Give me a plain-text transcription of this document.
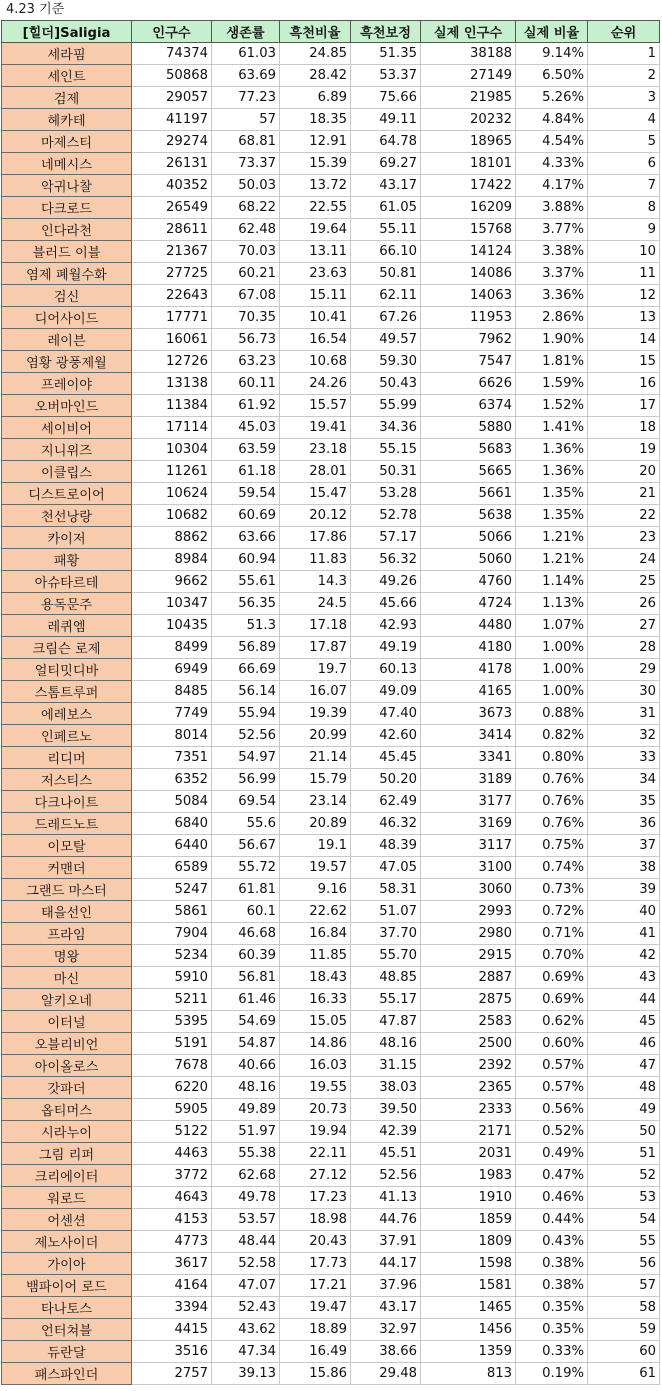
4.23 기준
[힐더]Saligia	인구수	생존률	흑천비율	흑천보정	실제 인구수	실제 비율	순위
세라핌	74374	61.03	24.85	51.35	38188	9.14%	1
세인트	50868	63.69	28.42	53.37	27149	6.50%	2
검제	29057	77.23	6.89	75.66	21985	5.26%	3
헤카테	41197	57	18.35	49.11	20232	4.84%	4
마제스티	29274	68.81	12.91	64.78	18965	4.54%	5
네메시스	26131	73.37	15.39	69.27	18101	4.33%	6
악귀나찰	40352	50.03	13.72	43.17	17422	4.17%	7
다크로드	26549	68.22	22.55	61.05	16209	3.88%	8
인다라천	28611	62.48	19.64	55.11	15768	3.77%	9
블러드 이블	21367	70.03	13.11	66.10	14124	3.38%	10
염제 폐월수화	27725	60.21	23.63	50.81	14086	3.37%	11
검신	22643	67.08	15.11	62.11	14063	3.36%	12
디어사이드	17771	70.35	10.41	67.26	11953	2.86%	13
레이븐	16061	56.73	16.54	49.57	7962	1.90%	14
염황 광풍제월	12726	63.23	10.68	59.30	7547	1.81%	15
프레이야	13138	60.11	24.26	50.43	6626	1.59%	16
오버마인드	11384	61.92	15.57	55.99	6374	1.52%	17
세이비어	17114	45.03	19.41	34.36	5880	1.41%	18
지니위즈	10304	63.59	23.18	55.15	5683	1.36%	19
이클립스	11261	61.18	28.01	50.31	5665	1.36%	20
디스트로이어	10624	59.54	15.47	53.28	5661	1.35%	21
천선낭랑	10682	60.69	20.12	52.78	5638	1.35%	22
카이저	8862	63.66	17.86	57.17	5066	1.21%	23
패황	8984	60.94	11.83	56.32	5060	1.21%	24
아슈타르테	9662	55.61	14.3	49.26	4760	1.14%	25
용독문주	10347	56.35	24.5	45.66	4724	1.13%	26
레퀴엠	10435	51.3	17.18	42.93	4480	1.07%	27
크림슨 로제	8499	56.89	17.87	49.19	4180	1.00%	28
얼티밋디바	6949	66.69	19.7	60.13	4178	1.00%	29
스톰트루퍼	8485	56.14	16.07	49.09	4165	1.00%	30
에레보스	7749	55.94	19.39	47.40	3673	0.88%	31
인페르노	8014	52.56	20.99	42.60	3414	0.82%	32
리디머	7351	54.97	21.14	45.45	3341	0.80%	33
저스티스	6352	56.99	15.79	50.20	3189	0.76%	34
다크나이트	5084	69.54	23.14	62.49	3177	0.76%	35
드레드노트	6840	55.6	20.89	46.32	3169	0.76%	36
이모탈	6440	56.67	19.1	48.39	3117	0.75%	37
커맨더	6589	55.72	19.57	47.05	3100	0.74%	38
그랜드 마스터	5247	61.81	9.16	58.31	3060	0.73%	39
태을선인	5861	60.1	22.62	51.07	2993	0.72%	40
프라임	7904	46.68	16.84	37.70	2980	0.71%	41
명왕	5234	60.39	11.85	55.70	2915	0.70%	42
마신	5910	56.81	18.43	48.85	2887	0.69%	43
알키오네	5211	61.46	16.33	55.17	2875	0.69%	44
이터널	5395	54.69	15.05	47.87	2583	0.62%	45
오블리비언	5191	54.87	14.86	48.16	2500	0.60%	46
아이올로스	7678	40.66	16.03	31.15	2392	0.57%	47
갓파더	6220	48.16	19.55	38.03	2365	0.57%	48
옵티머스	5905	49.89	20.73	39.50	2333	0.56%	49
시라누이	5122	51.97	19.94	42.39	2171	0.52%	50
그림 리퍼	4463	55.38	22.11	45.51	2031	0.49%	51
크리에이터	3772	62.68	27.12	52.56	1983	0.47%	52
워로드	4643	49.78	17.23	41.13	1910	0.46%	53
어센션	4153	53.57	18.98	44.76	1859	0.44%	54
제노사이더	4773	48.44	20.43	37.91	1809	0.43%	55
가이아	3617	52.58	17.73	44.17	1598	0.38%	56
뱀파이어 로드	4164	47.07	17.21	37.96	1581	0.38%	57
타나토스	3394	52.43	19.47	43.17	1465	0.35%	58
언터쳐블	4415	43.62	18.89	32.97	1456	0.35%	59
듀란달	3516	47.34	16.49	38.66	1359	0.33%	60
패스파인더	2757	39.13	15.86	29.48	813	0.19%	61
